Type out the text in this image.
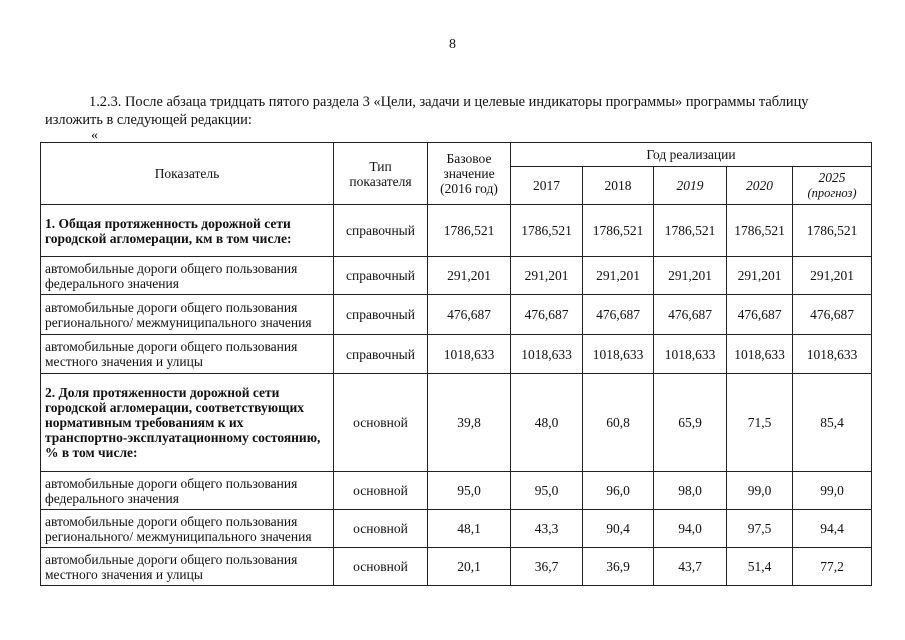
8

1.2.3. После абзаца тридцать пятого раздела 3 «Цели, задачи и целевые индикаторы программы» программы таблицу изложить в следующей редакции:

«
Показатель	Тип показателя	Базовое значение (2016 год)	Год реализации				
			2017	2018	2019	2020	2025
(прогноз)
1. Общая протяженность дорожной сети городской агломерации, км в том числе:	справочный	1786,521	1786,521	1786,521	1786,521	1786,521	1786,521
автомобильные дороги общего пользования федерального значения	справочный	291,201	291,201	291,201	291,201	291,201	291,201
автомобильные дороги общего пользования регионального/ межмуниципального значения	справочный	476,687	476,687	476,687	476,687	476,687	476,687
автомобильные дороги общего пользования местного значения и улицы	справочный	1018,633	1018,633	1018,633	1018,633	1018,633	1018,633
2. Доля протяженности дорожной сети городской агломерации, соответствующих нормативным требованиям к их транспортно-эксплуатационному состоянию, % в том числе:	основной	39,8	48,0	60,8	65,9	71,5	85,4
автомобильные дороги общего пользования федерального значения	основной	95,0	95,0	96,0	98,0	99,0	99,0
автомобильные дороги общего пользования регионального/ межмуниципального значения	основной	48,1	43,3	90,4	94,0	97,5	94,4
автомобильные дороги общего пользования местного значения и улицы	основной	20,1	36,7	36,9	43,7	51,4	77,2
